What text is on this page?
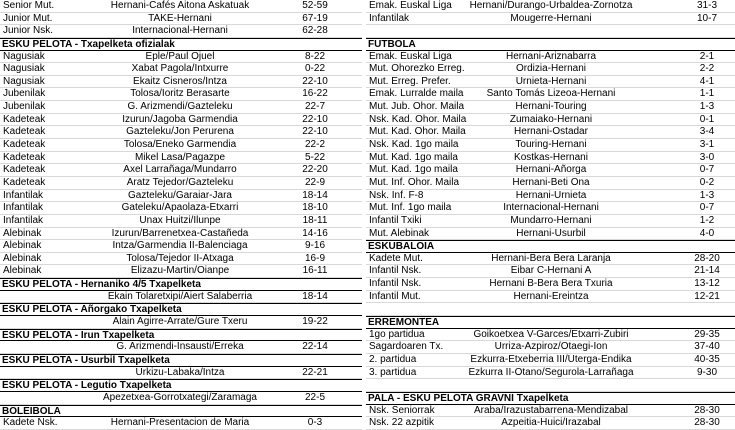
Senior Mut.	Hernani-Cafés Aitona Askatuak	52-59
Junior Mut.	TAKE-Hernani	67-19
Junior Nsk.	Internacional-Hernani	62-28
ESKU PELOTA - Txapelketa ofizialak
Nagusiak	Eple/Paul Ojuel	8-22
Nagusiak	Xabat Pagola/Intxurre	0-22
Nagusiak	Ekaitz Cisneros/Intza	22-10
Jubenilak	Tolosa/Ioritz Berasarte	16-22
Jubenilak	G. Arizmendi/Gazteleku	22-7
Kadeteak	Izurun/Jagoba Garmendia	22-10
Kadeteak	Gazteleku/Jon Perurena	22-10
Kadeteak	Tolosa/Eneko Garmendia	22-2
Kadeteak	Mikel Lasa/Pagazpe	5-22
Kadeteak	Axel Larrañaga/Mundarro	22-20
Kadeteak	Aratz Tejedor/Gazteleku	22-9
Infantilak	Gazteleku/Garaiar-Jara	18-14
Infantilak	Gateleku/Apaolaza-Etxarri	18-10
Infantilak	Unax Huitzi/Ilunpe	18-11
Alebinak	Izurun/Barrenetxea-Castañeda	14-16
Alebinak	Intza/Garmendia II-Balenciaga	9-16
Alebinak	Tolosa/Tejedor II-Atxaga	16-9
Alebinak	Elizazu-Martin/Oianpe	16-11
ESKU PELOTA - Hernaniko 4/5 Txapelketa
Ekain Tolaretxipi/Aiert Salaberria	18-14
ESKU PELOTA - Añorgako Txapelketa
Alain Agirre-Arrate/Gure Txeru	19-22
ESKU PELOTA - Irun Txapelketa
G. Arizmendi-Insausti/Erreka	22-14
ESKU PELOTA - Usurbil Txapelketa
Urkizu-Labaka/Intza	22-21
ESKU PELOTA - Legutio Txapelketa
Apezetxea-Gorrotxategi/Zaramaga	22-5
BOLEIBOLA
Kadete Nsk.	Hernani-Presentacion de Maria	0-3
Emak. Euskal Liga	Hernani/Durango-Urbaldea-Zornotza	31-3
Infantilak	Mougerre-Hernani	10-7
FUTBOLA
Emak. Euskal Liga	Hernani-Ariznabarra	2-1
Mut. Ohorezko Erreg.	Ordizia-Hernani	2-2
Mut. Erreg. Prefer.	Urnieta-Hernani	4-1
Emak. Lurralde maila	Santo Tomás Lizeoa-Hernani	1-1
Mut. Jub. Ohor. Maila	Hernani-Touring	1-3
Nsk. Kad. Ohor. Maila	Zumaiako-Hernani	0-1
Mut. Kad. Ohor. Maila	Hernani-Ostadar	3-4
Nsk. Kad. 1go maila	Touring-Hernani	3-1
Mut. Kad. 1go maila	Kostkas-Hernani	3-0
Mut. Kad. 1go maila	Hernani-Añorga	0-7
Mut. Inf. Ohor. Maila	Hernani-Beti Ona	0-2
Nsk. Inf. F-8	Hernani-Urnieta	1-3
Mut. Inf. 1go maila	Internacional-Hernani	0-7
Infantil Txiki	Mundarro-Hernani	1-2
Mut. Alebinak	Hernani-Usurbil	4-0
ESKUBALOIA
Kadete Mut.	Hernani-Bera Bera Laranja	28-20
Infantil Nsk.	Eibar C-Hernani A	21-14
Infantil Nsk.	Hernani B-Bera Bera Txuria	13-12
Infantil Mut.	Hernani-Ereintza	12-21
ERREMONTEA
1go partidua	Goikoetxea V-Garces/Etxarri-Zubiri	29-35
Sagardoaren Tx.	Urriza-Azpiroz/Otaegi-Ion	37-40
2. partidua	Ezkurra-Etxeberria III/Uterga-Endika	40-35
3. partidua	Ezkurra II-Otano/Segurola-Larrañaga	9-30
PALA - ESKU PELOTA GRAVNI Txapelketa
Nsk. Seniorrak	Araba/Irazustabarrena-Mendizabal	28-30
Nsk. 22 azpitik	Azpeitia-Huici/Irazabal	28-30
